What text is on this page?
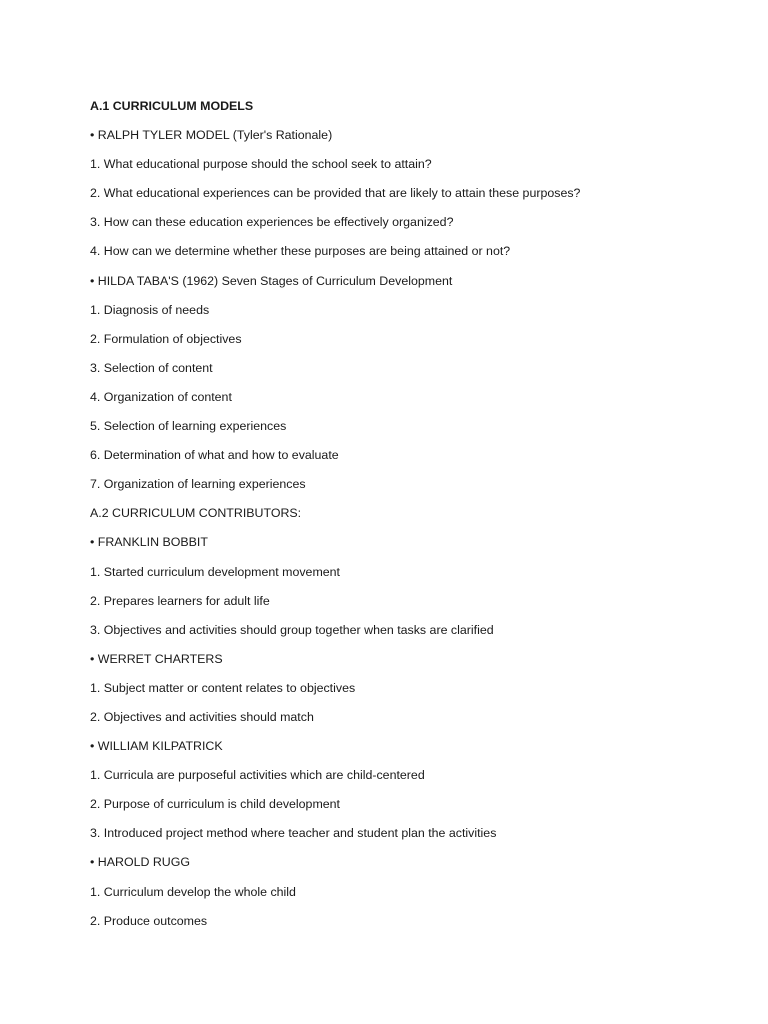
A.1 CURRICULUM MODELS
• RALPH TYLER MODEL (Tyler's Rationale)
1. What educational purpose should the school seek to attain?
2. What educational experiences can be provided that are likely to attain these purposes?
3. How can these education experiences be effectively organized?
4. How can we determine whether these purposes are being attained or not?
• HILDA TABA'S (1962) Seven Stages of Curriculum Development
1. Diagnosis of needs
2. Formulation of objectives
3. Selection of content
4. Organization of content
5. Selection of learning experiences
6. Determination of what and how to evaluate
7. Organization of learning experiences
A.2 CURRICULUM CONTRIBUTORS:
• FRANKLIN BOBBIT
1. Started curriculum development movement
2. Prepares learners for adult life
3. Objectives and activities should group together when tasks are clarified
• WERRET CHARTERS
1. Subject matter or content relates to objectives
2. Objectives and activities should match
• WILLIAM KILPATRICK
1. Curricula are purposeful activities which are child-centered
2. Purpose of curriculum is child development
3. Introduced project method where teacher and student plan the activities
• HAROLD RUGG
1. Curriculum develop the whole child
2. Produce outcomes
